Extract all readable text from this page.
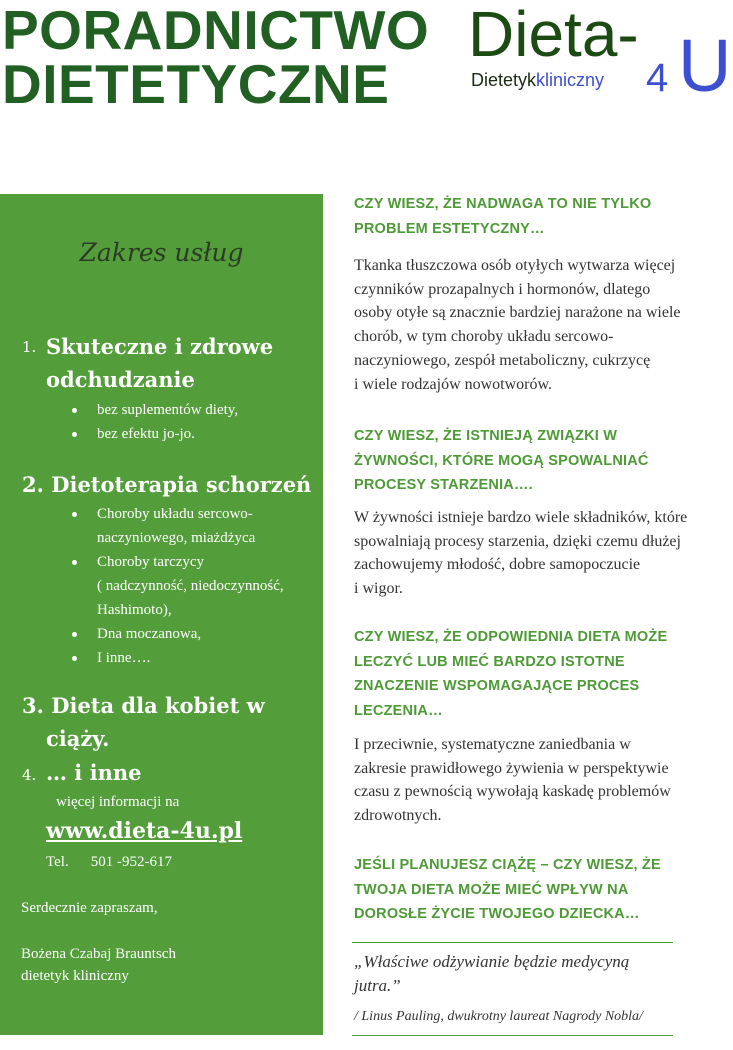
PORADNICTWO
DIETETYCZNE
Dieta-
4 U
Dietetykkliniczny
Zakres usług
1. Skuteczne i zdrowe
odchudzanie
bez suplementów diety,
bez efektu jo-jo.
2. Dietoterapia schorzeń
Choroby układu sercowo-
naczyniowego, miażdżyca
Choroby tarczycy
( nadczynność, niedoczynność,
Hashimoto),
Dna moczanowa,
I inne….
3. Dieta dla kobiet w
ciąży.
4. … i inne
więcej informacji na
www.dieta-4u.pl
Tel. 501 -952-617
Serdecznie zapraszam,
Bożena Czabaj Brauntsch
dietetyk kliniczny
CZY WIESZ, ŻE NADWAGA TO NIE TYLKO
PROBLEM ESTETYCZNY…
Tkanka tłuszczowa osób otyłych wytwarza więcej
czynników prozapalnych i hormonów, dlatego
osoby otyłe są znacznie bardziej narażone na wiele
chorób, w tym choroby układu sercowo-
naczyniowego, zespół metaboliczny, cukrzycę
i wiele rodzajów nowotworów.
CZY WIESZ, ŻE ISTNIEJĄ ZWIĄZKI W
ŻYWNOŚCI, KTÓRE MOGĄ SPOWALNIAĆ
PROCESY STARZENIA….
W żywności istnieje bardzo wiele składników, które
spowalniają procesy starzenia, dzięki czemu dłużej
zachowujemy młodość, dobre samopoczucie
i wigor.
CZY WIESZ, ŻE ODPOWIEDNIA DIETA MOŻE
LECZYĆ LUB MIEĆ BARDZO ISTOTNE
ZNACZENIE WSPOMAGAJĄCE PROCES
LECZENIA…
I przeciwnie, systematyczne zaniedbania w
zakresie prawidłowego żywienia w perspektywie
czasu z pewnością wywołają kaskadę problemów
zdrowotnych.
JEŚLI PLANUJESZ CIĄŻĘ – CZY WIESZ, ŻE
TWOJA DIETA MOŻE MIEĆ WPŁYW NA
DOROSŁE ŻYCIE TWOJEGO DZIECKA…
„Właściwe odżywianie będzie medycyną
jutra.”
/ Linus Pauling, dwukrotny laureat Nagrody Nobla/
